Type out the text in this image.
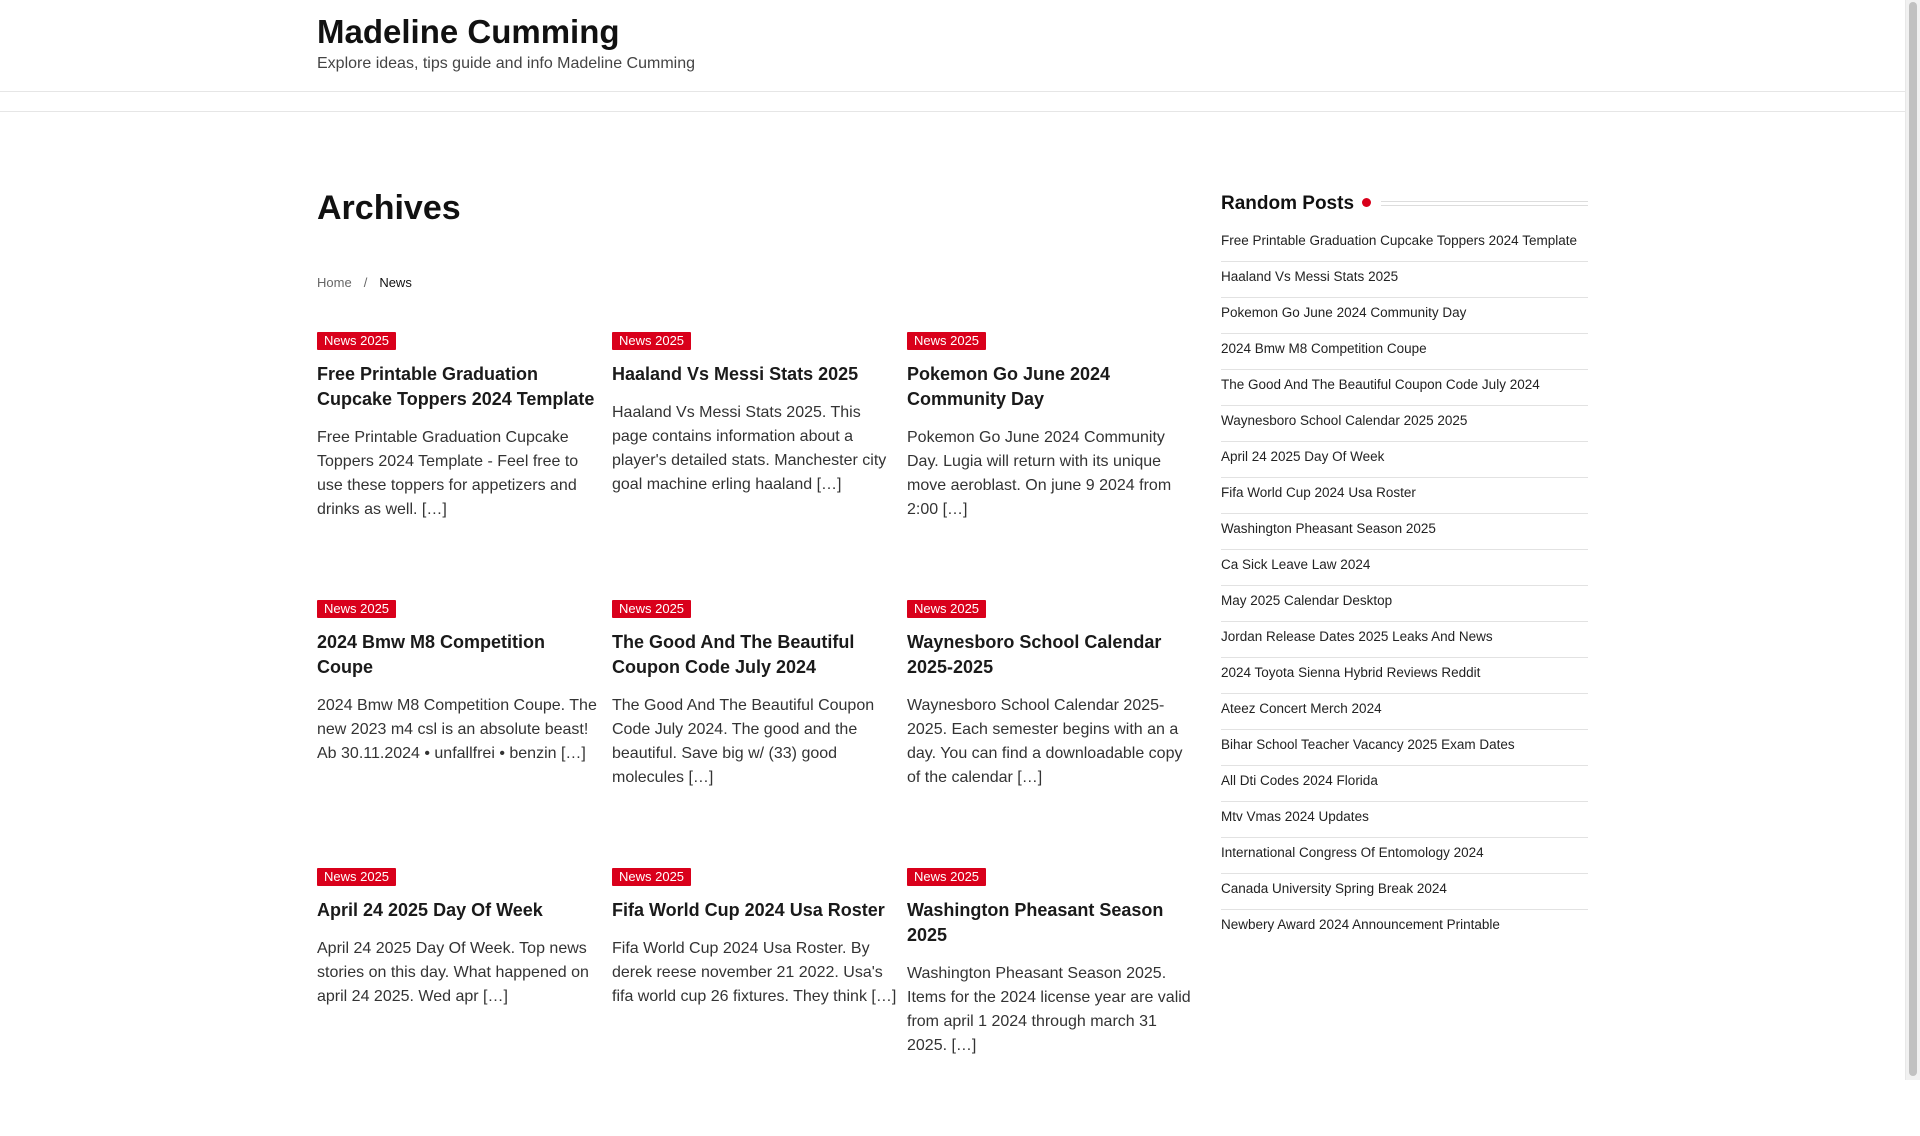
Madeline Cumming

Explore ideas, tips guide and info Madeline Cumming

Archives
Home / News
News 2025
Free Printable Graduation Cupcake Toppers 2024 Template

Free Printable Graduation Cupcake Toppers 2024 Template - Feel free to use these toppers for appetizers and drinks as well. […]

News 2025
Haaland Vs Messi Stats 2025

Haaland Vs Messi Stats 2025. This page contains information about a player's detailed stats. Manchester city goal machine erling haaland […]

News 2025
Pokemon Go June 2024 Community Day

Pokemon Go June 2024 Community Day. Lugia will return with its unique move aeroblast. On june 9 2024 from 2:00 […]

News 2025
2024 Bmw M8 Competition Coupe

2024 Bmw M8 Competition Coupe. The new 2023 m4 csl is an absolute beast! Ab 30.11.2024 • unfallfrei • benzin […]

News 2025
The Good And The Beautiful Coupon Code July 2024

The Good And The Beautiful Coupon Code July 2024. The good and the beautiful. Save big w/ (33) good molecules […]

News 2025
Waynesboro School Calendar 2025-2025

Waynesboro School Calendar 2025-2025. Each semester begins with an a day. You can find a downloadable copy of the calendar […]

News 2025
April 24 2025 Day Of Week

April 24 2025 Day Of Week. Top news stories on this day. What happened on april 24 2025. Wed apr […]

News 2025
Fifa World Cup 2024 Usa Roster

Fifa World Cup 2024 Usa Roster. By derek reese november 21 2022. Usa's fifa world cup 26 fixtures. They think […]

News 2025
Washington Pheasant Season 2025

Washington Pheasant Season 2025. Items for the 2024 license year are valid from april 1 2024 through march 31 2025. […]

Random Posts
Free Printable Graduation Cupcake Toppers 2024 Template
Haaland Vs Messi Stats 2025
Pokemon Go June 2024 Community Day
2024 Bmw M8 Competition Coupe
The Good And The Beautiful Coupon Code July 2024
Waynesboro School Calendar 2025 2025
April 24 2025 Day Of Week
Fifa World Cup 2024 Usa Roster
Washington Pheasant Season 2025
Ca Sick Leave Law 2024
May 2025 Calendar Desktop
Jordan Release Dates 2025 Leaks And News
2024 Toyota Sienna Hybrid Reviews Reddit
Ateez Concert Merch 2024
Bihar School Teacher Vacancy 2025 Exam Dates
All Dti Codes 2024 Florida
Mtv Vmas 2024 Updates
International Congress Of Entomology 2024
Canada University Spring Break 2024
Newbery Award 2024 Announcement Printable
